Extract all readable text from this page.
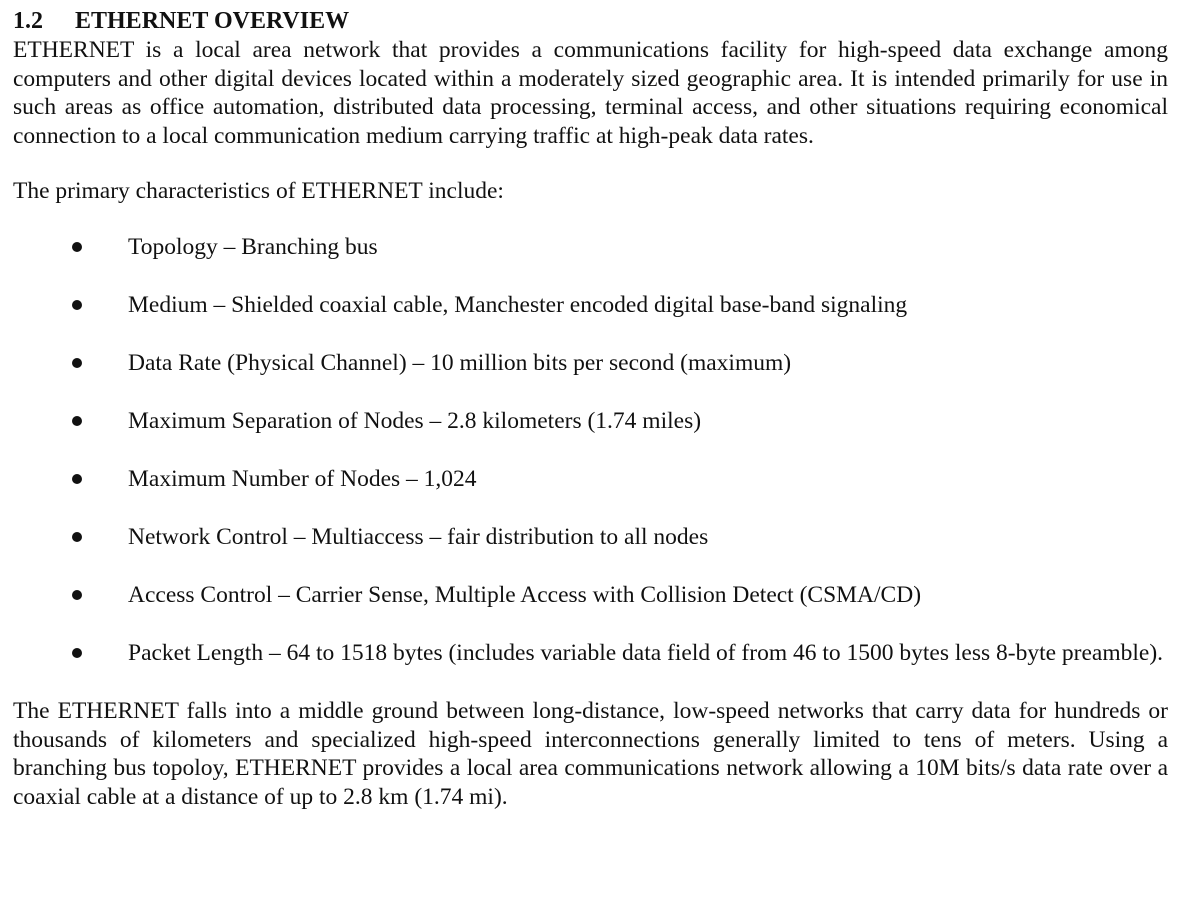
1.2 ETHERNET OVERVIEW

ETHERNET is a local area network that provides a communications facility for high-speed data exchange among computers and other digital devices located within a moderately sized geographic area. It is intended primarily for use in such areas as office automation, distributed data processing, terminal access, and other situations requiring economical connection to a local communication medium carrying traffic at high-peak data rates.

The primary characteristics of ETHERNET include:

Topology – Branching bus
Medium – Shielded coaxial cable, Manchester encoded digital base-band signaling
Data Rate (Physical Channel) – 10 million bits per second (maximum)
Maximum Separation of Nodes – 2.8 kilometers (1.74 miles)
Maximum Number of Nodes – 1,024
Network Control – Multiaccess – fair distribution to all nodes
Access Control – Carrier Sense, Multiple Access with Collision Detect (CSMA/CD)
Packet Length – 64 to 1518 bytes (includes variable data field of from 46 to 1500 bytes less 8-byte preamble).

The ETHERNET falls into a middle ground between long-distance, low-speed networks that carry data for hundreds or thousands of kilometers and specialized high-speed interconnections generally limited to tens of meters. Using a branching bus topoloy, ETHERNET provides a local area communications network allowing a 10M bits/s data rate over a coaxial cable at a distance of up to 2.8 km (1.74 mi).
